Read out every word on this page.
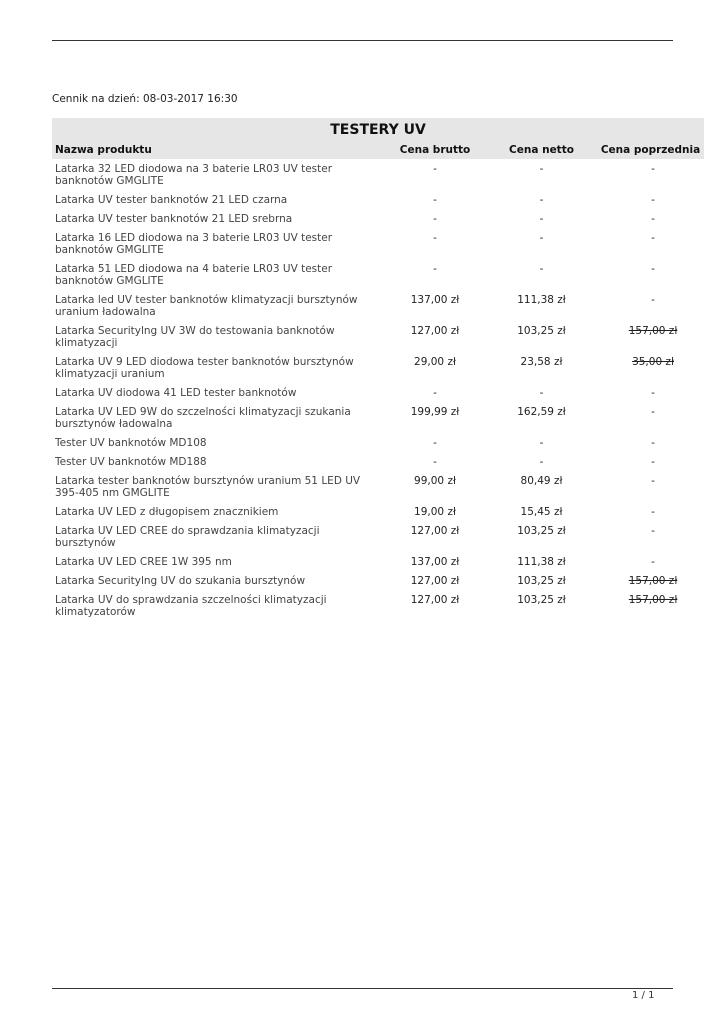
Cennik na dzień: 08-03-2017 16:30
TESTERY UV			
Nazwa produktu	Cena brutto	Cena netto	Cena poprzednia
Latarka 32 LED diodowa na 3 baterie LR03 UV tester banknotów GMGLITE	-	-	-
Latarka UV tester banknotów 21 LED czarna	-	-	-
Latarka UV tester banknotów 21 LED srebrna	-	-	-
Latarka 16 LED diodowa na 3 baterie LR03 UV tester banknotów GMGLITE	-	-	-
Latarka 51 LED diodowa na 4 baterie LR03 UV tester banknotów GMGLITE	-	-	-
Latarka led UV tester banknotów klimatyzacji bursztynów uranium ładowalna	137,00 zł	111,38 zł	-
Latarka Securitylng UV 3W do testowania banknotów klimatyzacji	127,00 zł	103,25 zł	157,00 zł
Latarka UV 9 LED diodowa tester banknotów bursztynów klimatyzacji uranium	29,00 zł	23,58 zł	35,00 zł
Latarka UV diodowa 41 LED tester banknotów	-	-	-
Latarka UV LED 9W do szczelności klimatyzacji szukania bursztynów ładowalna	199,99 zł	162,59 zł	-
Tester UV banknotów MD108	-	-	-
Tester UV banknotów MD188	-	-	-
Latarka tester banknotów bursztynów uranium 51 LED UV 395-405 nm GMGLITE	99,00 zł	80,49 zł	-
Latarka UV LED z długopisem znacznikiem	19,00 zł	15,45 zł	-
Latarka UV LED CREE do sprawdzania klimatyzacji bursztynów	127,00 zł	103,25 zł	-
Latarka UV LED CREE 1W 395 nm	137,00 zł	111,38 zł	-
Latarka Securitylng UV do szukania bursztynów	127,00 zł	103,25 zł	157,00 zł
Latarka UV do sprawdzania szczelności klimatyzacji klimatyzatorów	127,00 zł	103,25 zł	157,00 zł
1 / 1
